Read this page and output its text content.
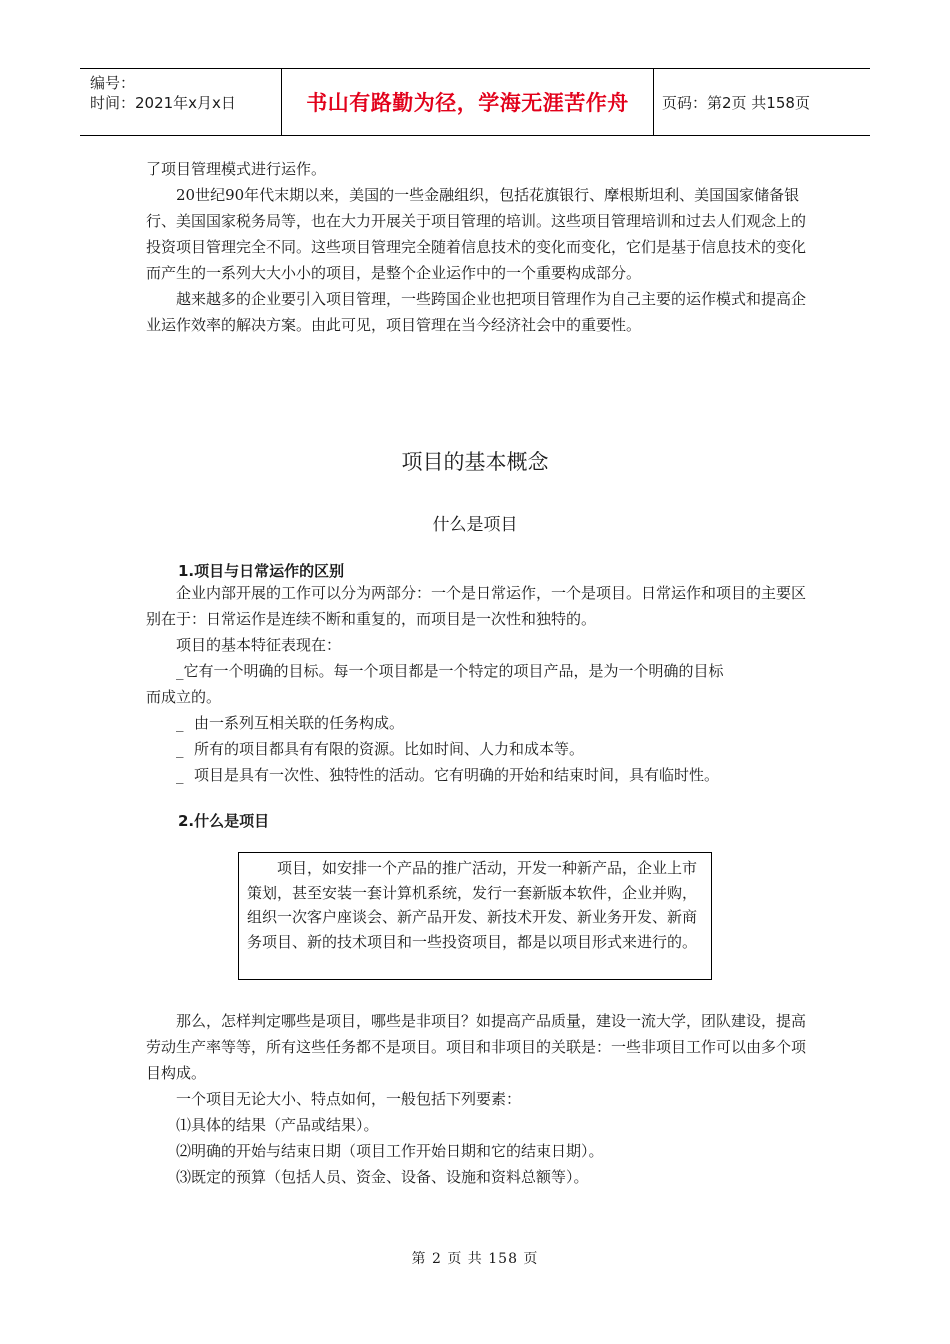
编号：
时间：2021年x月x日	书山有路勤为径，学海无涯苦作舟	页码：第2页 共158页

了项目管理模式进行运作。

20世纪90年代末期以来，美国的一些金融组织，包括花旗银行、摩根斯坦利、美国国家储备银行、美国国家税务局等，也在大力开展关于项目管理的培训。这些项目管理培训和过去人们观念上的投资项目管理完全不同。这些项目管理完全随着信息技术的变化而变化，它们是基于信息技术的变化而产生的一系列大大小小的项目，是整个企业运作中的一个重要构成部分。

越来越多的企业要引入项目管理，一些跨国企业也把项目管理作为自己主要的运作模式和提高企业运作效率的解决方案。由此可见，项目管理在当今经济社会中的重要性。

项目的基本概念
什么是项目
1.项目与日常运作的区别

企业内部开展的工作可以分为两部分：一个是日常运作，一个是项目。日常运作和项目的主要区别在于：日常运作是连续不断和重复的，而项目是一次性和独特的。

项目的基本特征表现在：

_它有一个明确的目标。每一个项目都是一个特定的项目产品，是为一个明确的目标
而成立的。
_ 由一系列互相关联的任务构成。
_ 所有的项目都具有有限的资源。比如时间、人力和成本等。
_ 项目是具有一次性、独特性的活动。它有明确的开始和结束时间，具有临时性。
2.什么是项目
项目，如安排一个产品的推广活动，开发一种新产品，企业上市策划，甚至安装一套计算机系统，发行一套新版本软件，企业并购，组织一次客户座谈会、新产品开发、新技术开发、新业务开发、新商务项目、新的技术项目和一些投资项目，都是以项目形式来进行的。

那么，怎样判定哪些是项目，哪些是非项目？如提高产品质量，建设一流大学，团队建设，提高劳动生产率等等，所有这些任务都不是项目。项目和非项目的关联是：一些非项目工作可以由多个项目构成。

一个项目无论大小、特点如何，一般包括下列要素：

⑴具体的结果（产品或结果）。

⑵明确的开始与结束日期（项目工作开始日期和它的结束日期）。

⑶既定的预算（包括人员、资金、设备、设施和资料总额等）。

第 2 页 共 158 页
